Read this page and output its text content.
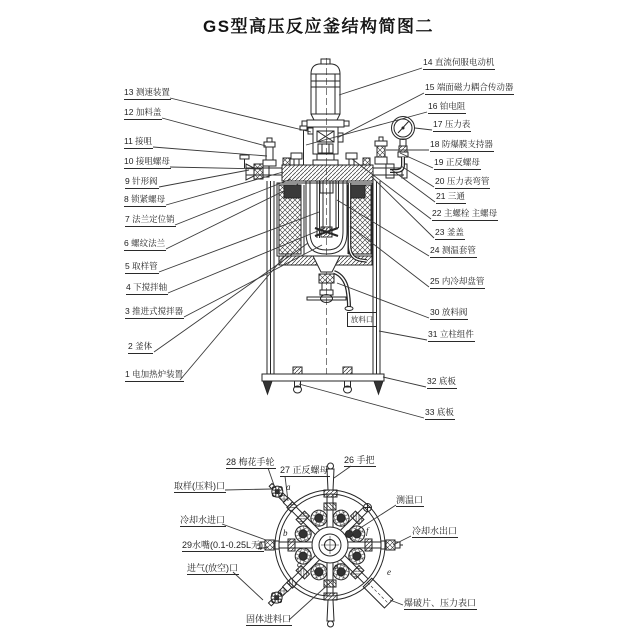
GS型高压反应釜结构简图二
13 测速装置
12 加料盖
11 接咀
10 接咀螺母
9 针形阀
8 锁紧螺母
7 法兰定位销
6 螺纹法兰
5 取样管
4 下搅拌轴
3 推进式搅拌器
2 釜体
1 电加热炉装置
14 直流伺服电动机
15 端面磁力耦合传动器
16 铂电阻
17 压力表
18 防爆膜支持器
19 正反螺母
20 压力表弯管
21 三通
22 主螺栓 主螺母
23 釜盖
24 测温套管
25 内冷却盘管
30 放料阀
31 立柱组件
32 底板
33 底板
放料口
28 梅花手轮
27 正反螺母
26 手把
取样(压料)口
冷却水进口
29水嘴(0.1-0.25L无)
进气(放空)口
固体进料口
测温口
冷却水出口
爆破片、压力表口
a
b
c	d
e
f
